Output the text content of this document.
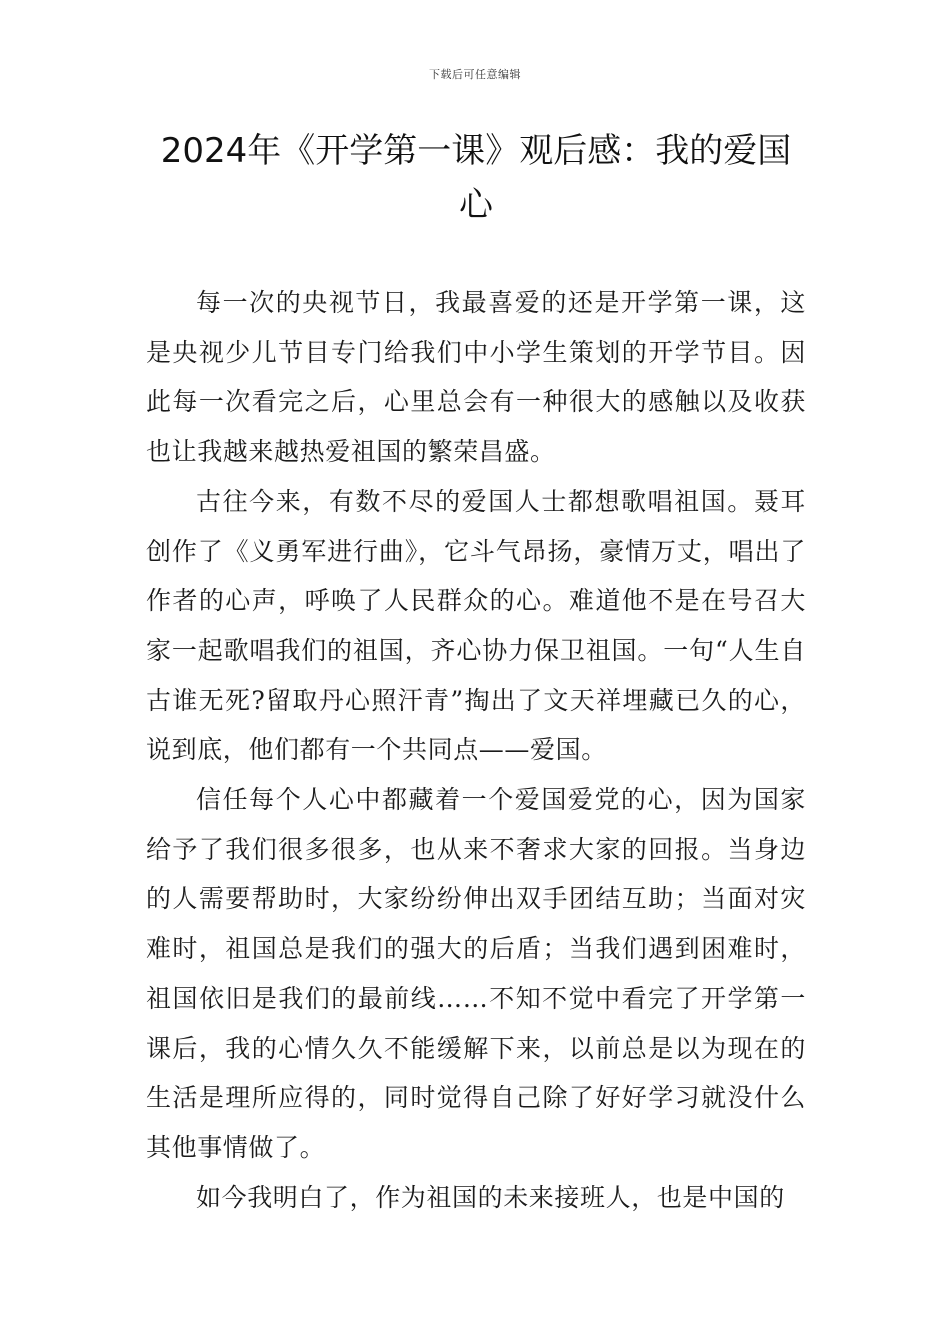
下载后可任意编辑
2024年《开学第一课》观后感：我的爱国心

每一次的央视节日，我最喜爱的还是开学第一课，这是央视少儿节目专门给我们中小学生策划的开学节目。因此每一次看完之后，心里总会有一种很大的感触以及收获也让我越来越热爱祖国的繁荣昌盛。

古往今来，有数不尽的爱国人士都想歌唱祖国。聂耳创作了《义勇军进行曲》，它斗气昂扬，豪情万丈，唱出了作者的心声，呼唤了人民群众的心。难道他不是在号召大家一起歌唱我们的祖国，齐心协力保卫祖国。一句“人生自古谁无死?留取丹心照汗青”掏出了文天祥埋藏已久的心，说到底，他们都有一个共同点——爱国。

信任每个人心中都藏着一个爱国爱党的心，因为国家给予了我们很多很多，也从来不奢求大家的回报。当身边的人需要帮助时，大家纷纷伸出双手团结互助；当面对灾难时，祖国总是我们的强大的后盾；当我们遇到困难时，祖国依旧是我们的最前线……不知不觉中看完了开学第一课后，我的心情久久不能缓解下来，以前总是以为现在的生活是理所应得的，同时觉得自己除了好好学习就没什么其他事情做了。

如今我明白了，作为祖国的未来接班人，也是中国的
